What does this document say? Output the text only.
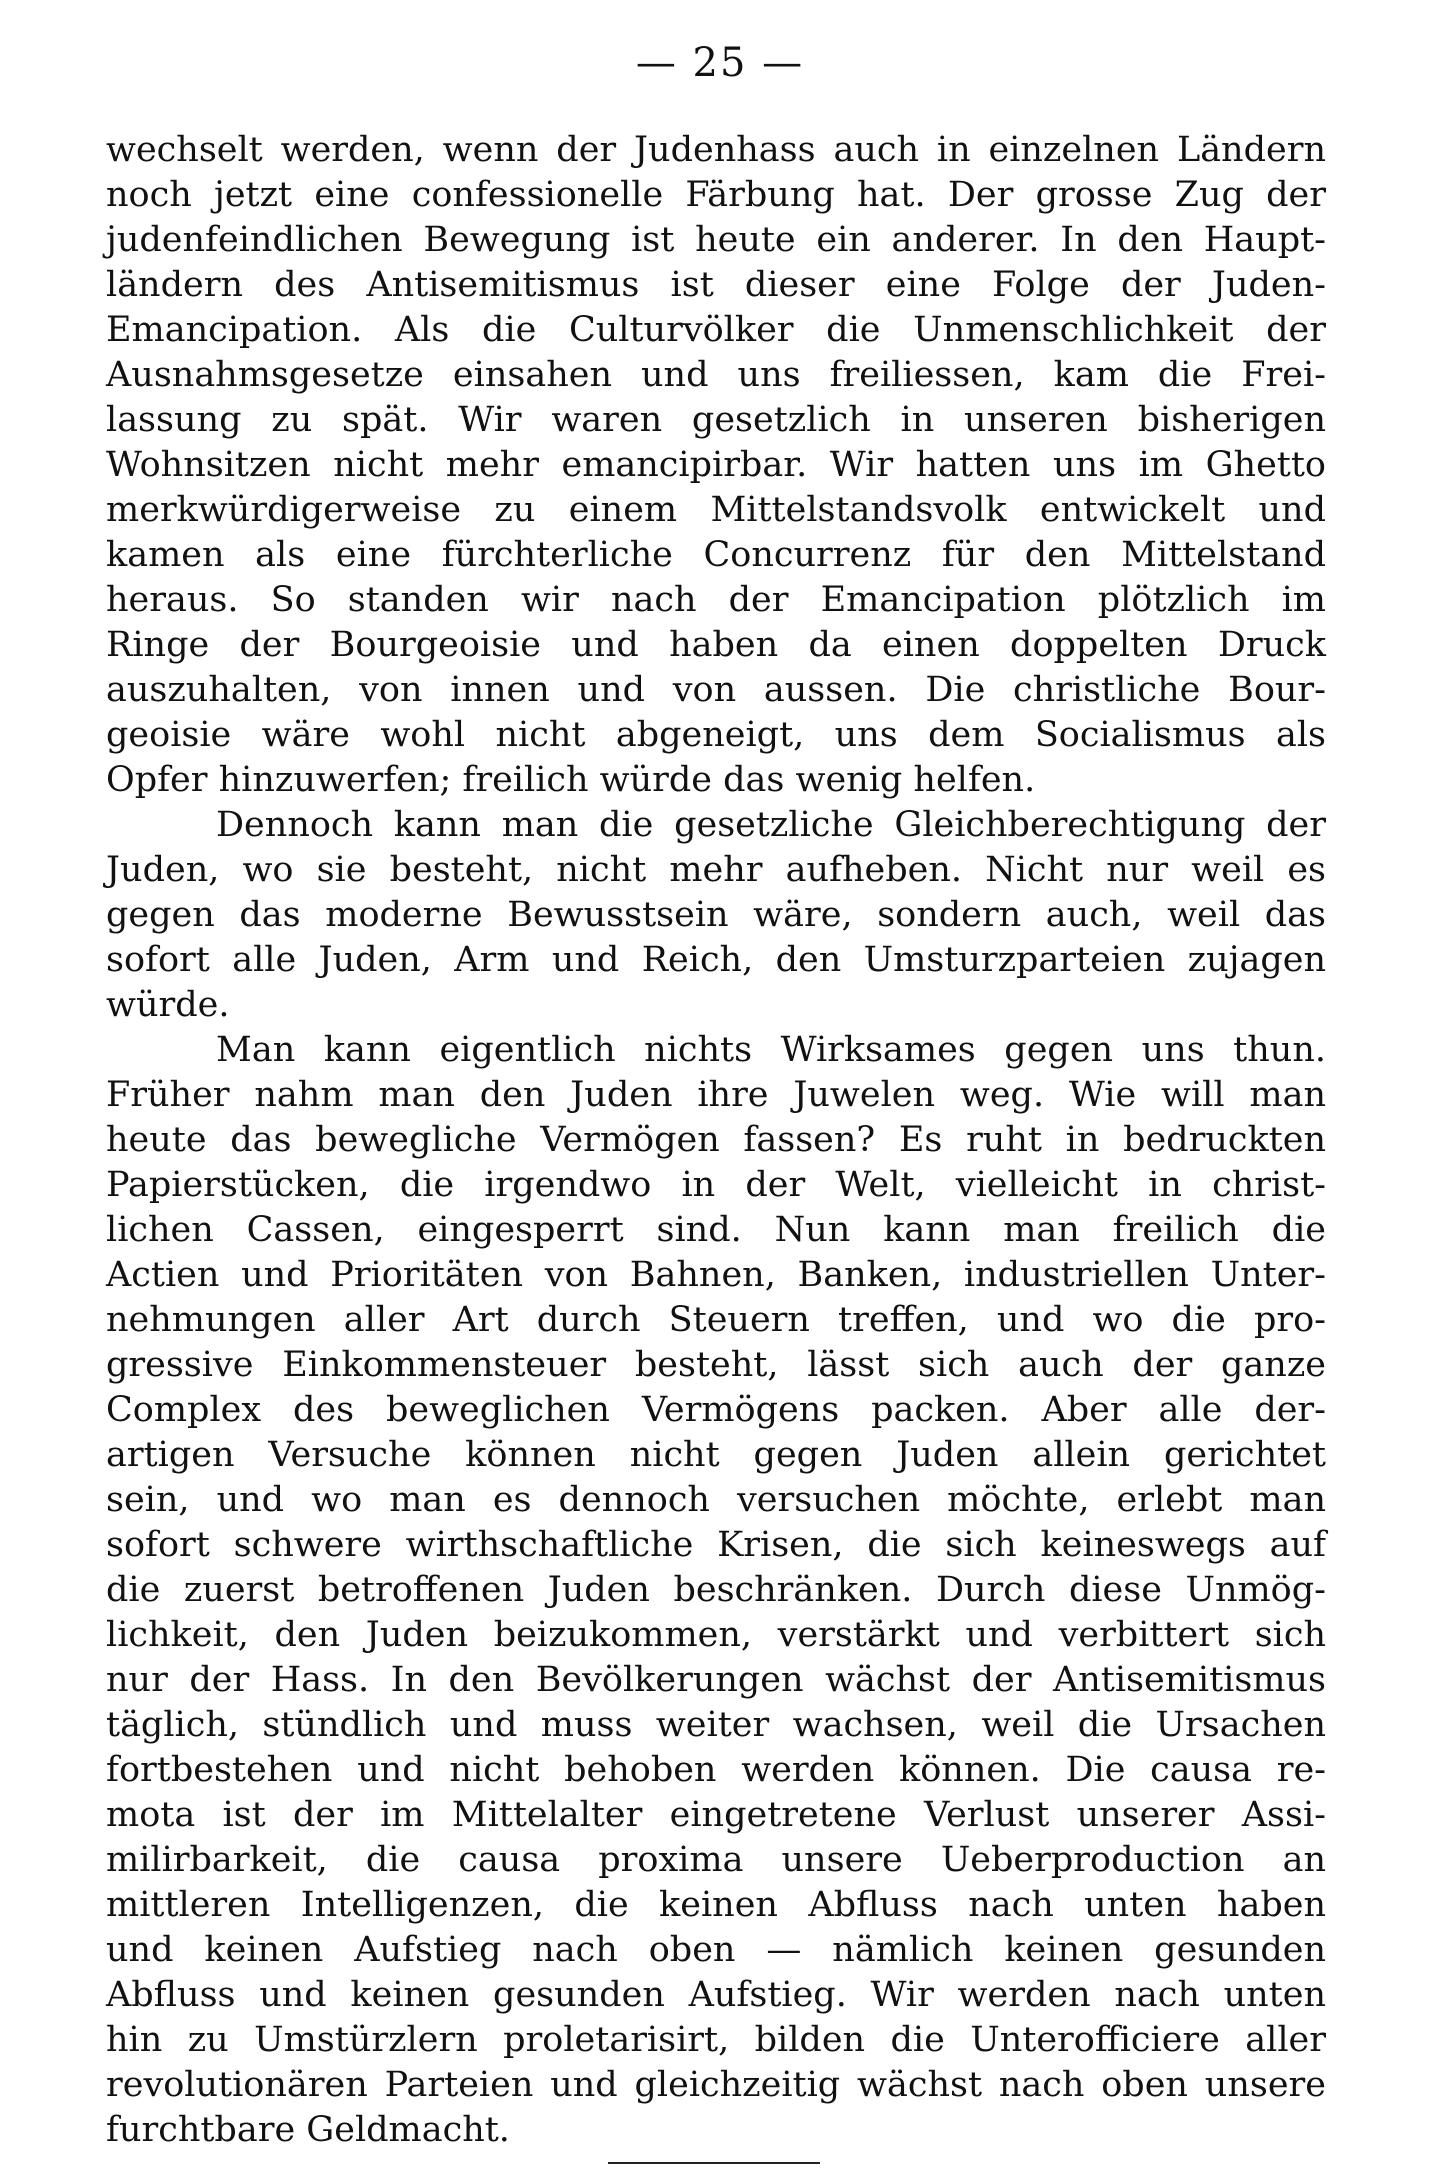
— 25 —
wechselt werden, wenn der Judenhass auch in einzelnen Ländern
noch jetzt eine confessionelle Färbung hat. Der grosse Zug der
judenfeindlichen Bewegung ist heute ein anderer. In den Haupt-
ländern des Antisemitismus ist dieser eine Folge der Juden-
Emancipation. Als die Culturvölker die Unmenschlichkeit der
Ausnahmsgesetze einsahen und uns freiliessen, kam die Frei-
lassung zu spät. Wir waren gesetzlich in unseren bisherigen
Wohnsitzen nicht mehr emancipirbar. Wir hatten uns im Ghetto
merkwürdigerweise zu einem Mittelstandsvolk entwickelt und
kamen als eine fürchterliche Concurrenz für den Mittelstand
heraus. So standen wir nach der Emancipation plötzlich im
Ringe der Bourgeoisie und haben da einen doppelten Druck
auszuhalten, von innen und von aussen. Die christliche Bour-
geoisie wäre wohl nicht abgeneigt, uns dem Socialismus als
Opfer hinzuwerfen; freilich würde das wenig helfen.
Dennoch kann man die gesetzliche Gleichberechtigung der
Juden, wo sie besteht, nicht mehr aufheben. Nicht nur weil es
gegen das moderne Bewusstsein wäre, sondern auch, weil das
sofort alle Juden, Arm und Reich, den Umsturzparteien zujagen
würde.
Man kann eigentlich nichts Wirksames gegen uns thun.
Früher nahm man den Juden ihre Juwelen weg. Wie will man
heute das bewegliche Vermögen fassen? Es ruht in bedruckten
Papierstücken, die irgendwo in der Welt, vielleicht in christ-
lichen Cassen, eingesperrt sind. Nun kann man freilich die
Actien und Prioritäten von Bahnen, Banken, industriellen Unter-
nehmungen aller Art durch Steuern treffen, und wo die pro-
gressive Einkommensteuer besteht, lässt sich auch der ganze
Complex des beweglichen Vermögens packen. Aber alle der-
artigen Versuche können nicht gegen Juden allein gerichtet
sein, und wo man es dennoch versuchen möchte, erlebt man
sofort schwere wirthschaftliche Krisen, die sich keineswegs auf
die zuerst betroffenen Juden beschränken. Durch diese Unmög-
lichkeit, den Juden beizukommen, verstärkt und verbittert sich
nur der Hass. In den Bevölkerungen wächst der Antisemitismus
täglich, stündlich und muss weiter wachsen, weil die Ursachen
fortbestehen und nicht behoben werden können. Die causa re-
mota ist der im Mittelalter eingetretene Verlust unserer Assi-
milirbarkeit, die causa proxima unsere Ueberproduction an
mittleren Intelligenzen, die keinen Abfluss nach unten haben
und keinen Aufstieg nach oben — nämlich keinen gesunden
Abfluss und keinen gesunden Aufstieg. Wir werden nach unten
hin zu Umstürzlern proletarisirt, bilden die Unterofficiere aller
revolutionären Parteien und gleichzeitig wächst nach oben unsere
furchtbare Geldmacht.
